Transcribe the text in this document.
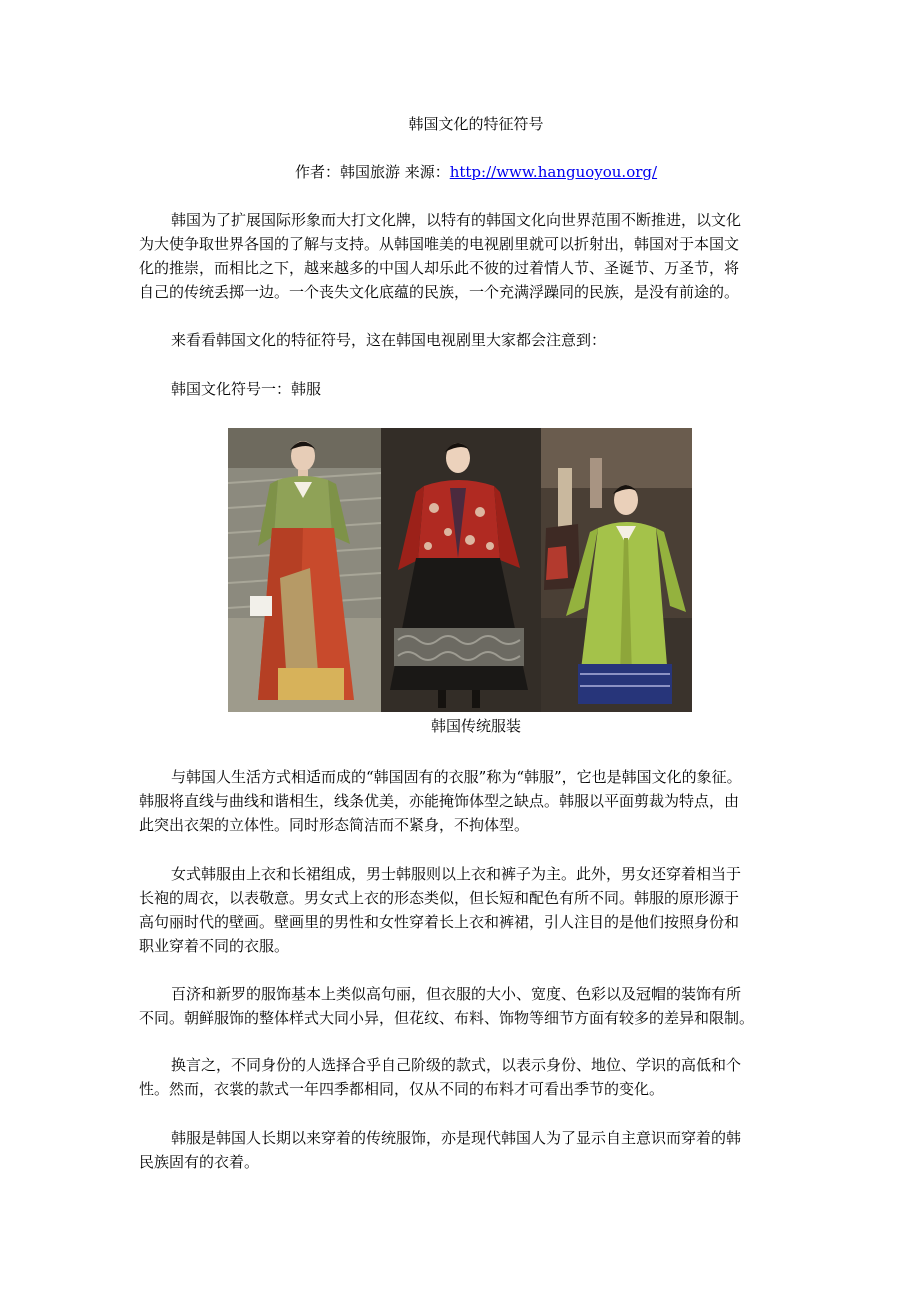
韩国文化的特征符号
作者：韩国旅游 来源：http://www.hanguoyou.org/
韩国为了扩展国际形象而大打文化牌，以特有的韩国文化向世界范围不断推进，以文化
为大使争取世界各国的了解与支持。从韩国唯美的电视剧里就可以折射出，韩国对于本国文
化的推崇，而相比之下，越来越多的中国人却乐此不彼的过着情人节、圣诞节、万圣节，将
自己的传统丢掷一边。一个丧失文化底蕴的民族，一个充满浮躁同的民族，是没有前途的。
来看看韩国文化的特征符号，这在韩国电视剧里大家都会注意到：
韩国文化符号一：韩服
韩国传统服装
与韩国人生活方式相适而成的“韩国固有的衣服”称为“韩服”，它也是韩国文化的象征。
韩服将直线与曲线和谐相生，线条优美，亦能掩饰体型之缺点。韩服以平面剪裁为特点，由
此突出衣架的立体性。同时形态简洁而不紧身，不拘体型。
女式韩服由上衣和长裙组成，男士韩服则以上衣和裤子为主。此外，男女还穿着相当于
长袍的周衣，以表敬意。男女式上衣的形态类似，但长短和配色有所不同。韩服的原形源于
高句丽时代的壁画。壁画里的男性和女性穿着长上衣和裤裙，引人注目的是他们按照身份和
职业穿着不同的衣服。
百济和新罗的服饰基本上类似高句丽，但衣服的大小、宽度、色彩以及冠帽的装饰有所
不同。朝鲜服饰的整体样式大同小异，但花纹、布料、饰物等细节方面有较多的差异和限制。
换言之，不同身份的人选择合乎自己阶级的款式，以表示身份、地位、学识的高低和个
性。然而，衣裳的款式一年四季都相同，仅从不同的布料才可看出季节的变化。
韩服是韩国人长期以来穿着的传统服饰，亦是现代韩国人为了显示自主意识而穿着的韩
民族固有的衣着。
